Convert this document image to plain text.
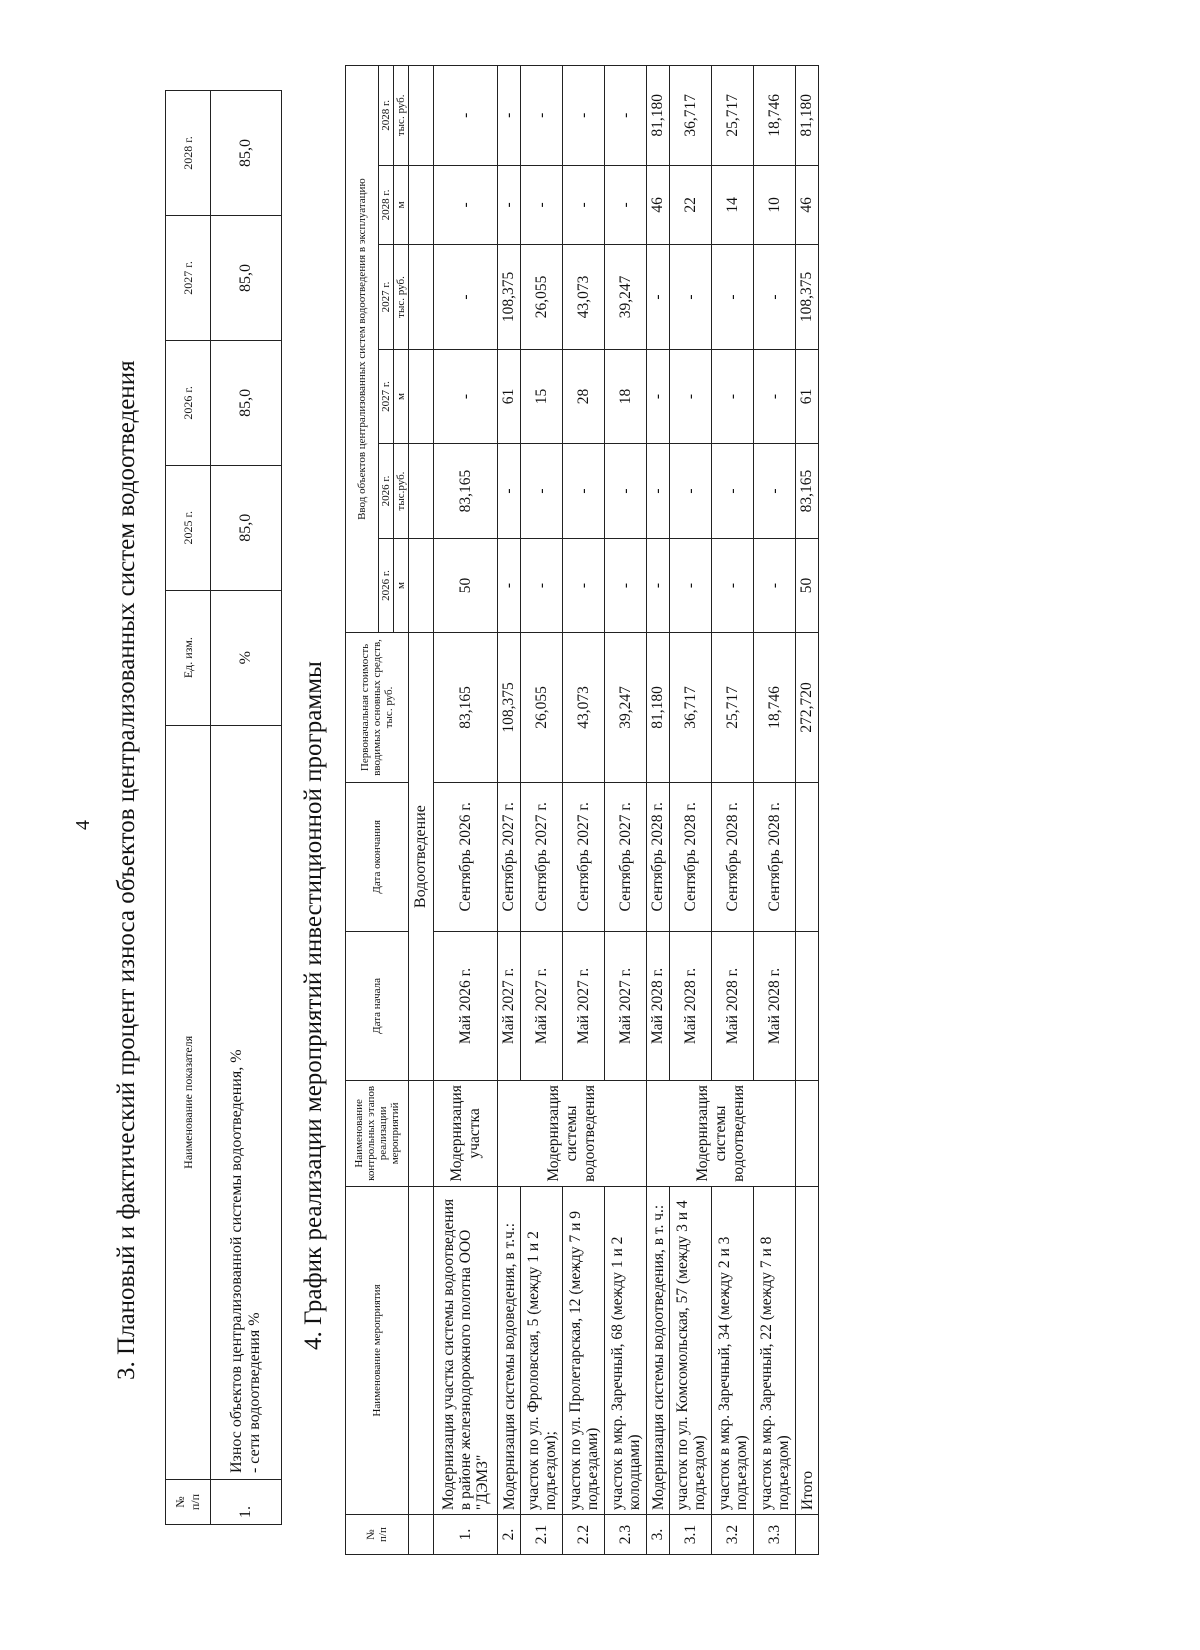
4 3. Плановый и фактический процент износа объектов централизованных систем водоотведения
№
п/п	Наименование показателя	Ед. изм.	2025 г.	2026 г.	2027 г.	2028 г.
1.	Износ объектов централизованной системы водоотведения, %
- сети водоотведения %	%	85,0	85,0	85,0	85,0
4. График реализации мероприятий инвестиционной программы
№
п/п	Наименование мероприятия	Наименование контрольных этапов реализации мероприятий	Дата начала	Дата окончания	Первоначальная стоимость вводимых основных средств, тыс. руб.	Ввод объектов централизованных систем водоотведения в эксплуатацию					
						2026 г.	2026 г.	2027 г.	2027 г.	2028 г.	2028 г.
						м	тыс.руб.	м	тыс. руб.	м	тыс. руб.
			Водоотведение								
1.	Модернизация участка системы водоотведения в районе железнодорожного полотна ООО "ДЭМЗ"	Модернизация участка	Май 2026 г.	Сентябрь 2026 г.	83,165	50	83,165	-	-	-	-
2.	Модернизация системы водоведения, в т.ч.:	Модернизация системы водоотведения	Май 2027 г.	Сентябрь 2027 г.	108,375	-	-	61	108,375	-	-
2.1	участок по ул. Фроловская, 5 (между 1 и 2 подъездом);		Май 2027 г.	Сентябрь 2027 г.	26,055	-	-	15	26,055	-	-
2.2	участок по ул. Пролетарская, 12 (между 7 и 9 подъездами)		Май 2027 г.	Сентябрь 2027 г.	43,073	-	-	28	43,073	-	-
2.3	участок в мкр. Заречный, 68 (между 1 и 2 колодцами)		Май 2027 г.	Сентябрь 2027 г.	39,247	-	-	18	39,247	-	-
3.	Модернизация системы водоотведения, в т. ч.:	Модернизация системы водоотведения	Май 2028 г.	Сентябрь 2028 г.	81,180	-	-	-	-	46	81,180
3.1	участок по ул. Комсомольская, 57 (между 3 и 4 подъездом)		Май 2028 г.	Сентябрь 2028 г.	36,717	-	-	-	-	22	36,717
3.2	участок в мкр. Заречный, 34 (между 2 и 3 подъездом)		Май 2028 г.	Сентябрь 2028 г.	25,717	-	-	-	-	14	25,717
3.3	участок в мкр. Заречный, 22 (между 7 и 8 подъездом)		Май 2028 г.	Сентябрь 2028 г.	18,746	-	-	-	-	10	18,746
	Итого				272,720	50	83,165	61	108,375	46	81,180
